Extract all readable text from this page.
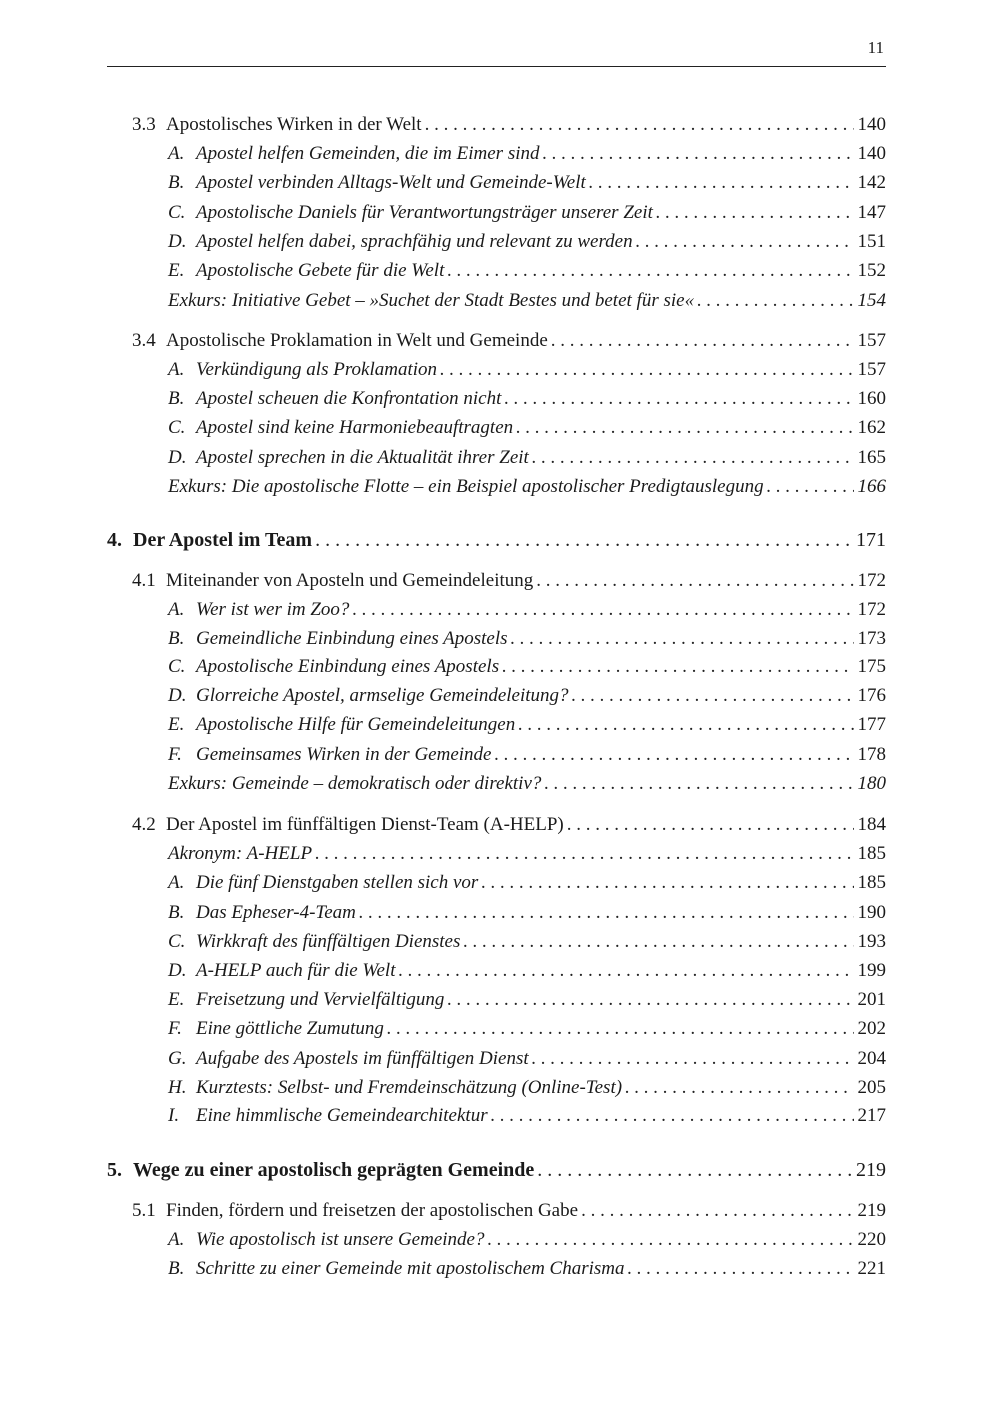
11
3.3 Apostolisches Wirken in der Welt . . .	140
A. Apostel helfen Gemeinden, die im Eimer sind . . .	140
B. Apostel verbinden Alltags-Welt und Gemeinde-Welt . . .	142
C. Apostolische Daniels für Verantwortungsträger unserer Zeit . . .	147
D. Apostel helfen dabei, sprachfähig und relevant zu werden . . .	151
E. Apostolische Gebete für die Welt . . .	152
Exkurs: Initiative Gebet – »Suchet der Stadt Bestes und betet für sie« . . .	154
3.4 Apostolische Proklamation in Welt und Gemeinde . . .	157
A. Verkündigung als Proklamation . . .	157
B. Apostel scheuen die Konfrontation nicht . . .	160
C. Apostel sind keine Harmoniebeauftragten . . .	162
D. Apostel sprechen in die Aktualität ihrer Zeit . . .	165
Exkurs: Die apostolische Flotte – ein Beispiel apostolischer Predigtauslegung . . .	166
4. Der Apostel im Team . . .	171
4.1 Miteinander von Aposteln und Gemeindeleitung . . .	172
A. Wer ist wer im Zoo? . . .	172
B. Gemeindliche Einbindung eines Apostels . . .	173
C. Apostolische Einbindung eines Apostels . . .	175
D. Glorreiche Apostel, armselige Gemeindeleitung? . . .	176
E. Apostolische Hilfe für Gemeindeleitungen . . .	177
F. Gemeinsames Wirken in der Gemeinde . . .	178
Exkurs: Gemeinde – demokratisch oder direktiv? . . .	180
4.2 Der Apostel im fünffältigen Dienst-Team (A-HELP) . . .	184
Akronym: A-HELP . . .	185
A. Die fünf Dienstgaben stellen sich vor . . .	185
B. Das Epheser-4-Team . . .	190
C. Wirkkraft des fünffältigen Dienstes . . .	193
D. A-HELP auch für die Welt . . .	199
E. Freisetzung und Vervielfältigung . . .	201
F. Eine göttliche Zumutung . . .	202
G. Aufgabe des Apostels im fünffältigen Dienst . . .	204
H. Kurztests: Selbst- und Fremdeinschätzung (Online-Test) . . .	205
I. Eine himmlische Gemeindearchitektur . . .	217
5. Wege zu einer apostolisch geprägten Gemeinde . . .	219
5.1 Finden, fördern und freisetzen der apostolischen Gabe . . .	219
A. Wie apostolisch ist unsere Gemeinde? . . .	220
B. Schritte zu einer Gemeinde mit apostolischem Charisma . . .	221
